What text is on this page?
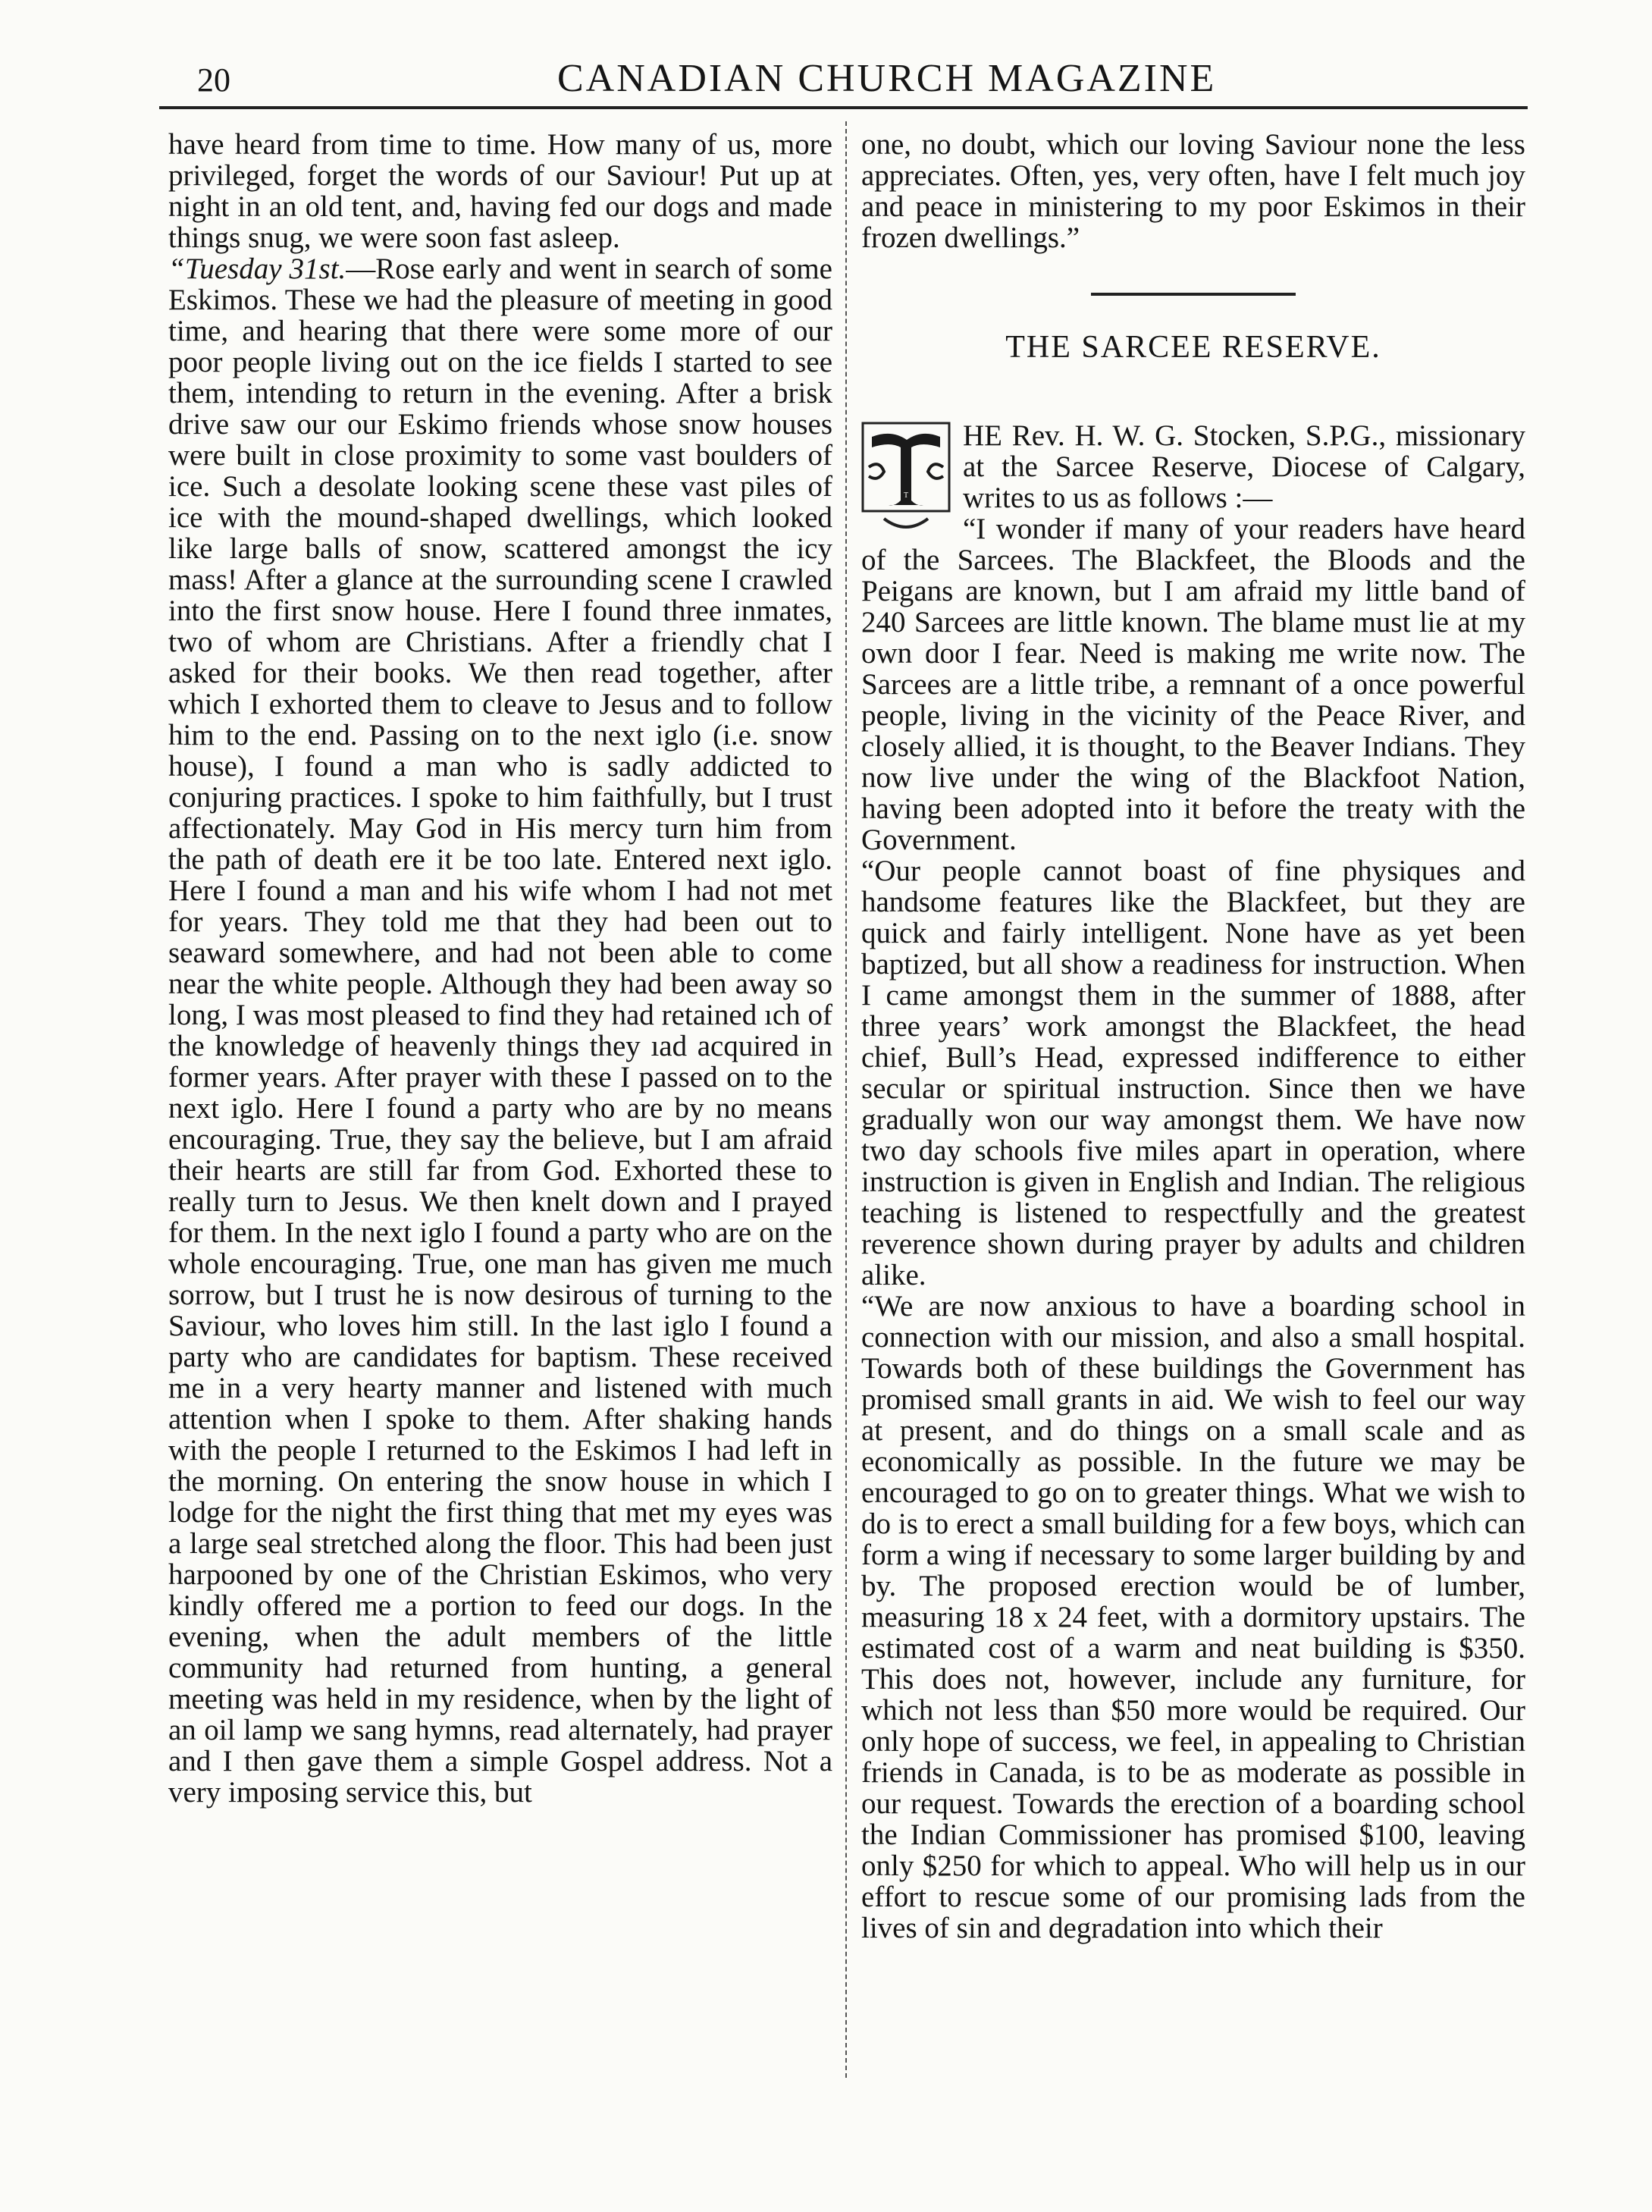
20	CANADIAN CHURCH MAGAZINE

have heard from time to time. How many of us, more privileged, forget the words of our Saviour! Put up at night in an old tent, and, having fed our dogs and made things snug, we were soon fast asleep.

“Tuesday 31st.—Rose early and went in search of some Eskimos. These we had the pleasure of meeting in good time, and hearing that there were some more of our poor people living out on the ice fields I started to see them, intending to return in the evening. After a brisk drive saw our our Eskimo friends whose snow houses were built in close proximity to some vast boulders of ice. Such a desolate looking scene these vast piles of ice with the mound-shaped dwellings, which looked like large balls of snow, scattered amongst the icy mass! After a glance at the surrounding scene I crawled into the first snow house. Here I found three inmates, two of whom are Christians. After a friendly chat I asked for their books. We then read together, after which I exhorted them to cleave to Jesus and to follow him to the end. Passing on to the next iglo (i.e. snow house), I found a man who is sadly addicted to conjuring practices. I spoke to him faithfully, but I trust affectionately. May God in His mercy turn him from the path of death ere it be too late. Entered next iglo. Here I found a man and his wife whom I had not met for years. They told me that they had been out to seaward somewhere, and had not been able to come near the white people. Although they had been away so long, I was most pleased to find they had retained ıch of the knowledge of heavenly things they ıad acquired in former years. After prayer with these I passed on to the next iglo. Here I found a party who are by no means encouraging. True, they say the believe, but I am afraid their hearts are still far from God. Exhorted these to really turn to Jesus. We then knelt down and I prayed for them. In the next iglo I found a party who are on the whole encouraging. True, one man has given me much sorrow, but I trust he is now desirous of turning to the Saviour, who loves him still. In the last iglo I found a party who are candidates for baptism. These received me in a very hearty manner and listened with much attention when I spoke to them. After shaking hands with the people I returned to the Eskimos I had left in the morning. On entering the snow house in which I lodge for the night the first thing that met my eyes was a large seal stretched along the floor. This had been just harpooned by one of the Christian Eskimos, who very kindly offered me a portion to feed our dogs. In the evening, when the adult members of the little community had returned from hunting, a general meeting was held in my residence, when by the light of an oil lamp we sang hymns, read alternately, had prayer and I then gave them a simple Gospel address. Not a very imposing service this, but

one, no doubt, which our loving Saviour none the less appreciates. Often, yes, very often, have I felt much joy and peace in ministering to my poor Eskimos in their frozen dwellings.”

THE SARCEE RESERVE.

T
HE Rev. H. W. G. Stocken, S.P.G., missionary at the Sarcee Reserve, Diocese of Calgary, writes to us as follows :—

“I wonder if many of your readers have heard of the Sarcees. The Blackfeet, the Bloods and the Peigans are known, but I am afraid my little band of 240 Sarcees are little known. The blame must lie at my own door I fear. Need is making me write now. The Sarcees are a little tribe, a remnant of a once powerful people, living in the vicinity of the Peace River, and closely allied, it is thought, to the Beaver Indians. They now live under the wing of the Blackfoot Nation, having been adopted into it before the treaty with the Government.

“Our people cannot boast of fine physiques and handsome features like the Blackfeet, but they are quick and fairly intelligent. None have as yet been baptized, but all show a readiness for instruction. When I came amongst them in the summer of 1888, after three years’ work amongst the Blackfeet, the head chief, Bull’s Head, expressed indifference to either secular or spiritual instruction. Since then we have gradually won our way amongst them. We have now two day schools five miles apart in operation, where instruction is given in English and Indian. The religious teaching is listened to respectfully and the greatest reverence shown during prayer by adults and children alike.

“We are now anxious to have a boarding school in connection with our mission, and also a small hospital. Towards both of these buildings the Government has promised small grants in aid. We wish to feel our way at present, and do things on a small scale and as economically as possible. In the future we may be encouraged to go on to greater things. What we wish to do is to erect a small building for a few boys, which can form a wing if necessary to some larger building by and by. The proposed erection would be of lumber, measuring 18 x 24 feet, with a dormitory upstairs. The estimated cost of a warm and neat building is $350. This does not, however, include any furniture, for which not less than $50 more would be required. Our only hope of success, we feel, in appealing to Christian friends in Canada, is to be as moderate as possible in our request. Towards the erection of a boarding school the Indian Commissioner has promised $100, leaving only $250 for which to appeal. Who will help us in our effort to rescue some of our promising lads from the lives of sin and degradation into which their
